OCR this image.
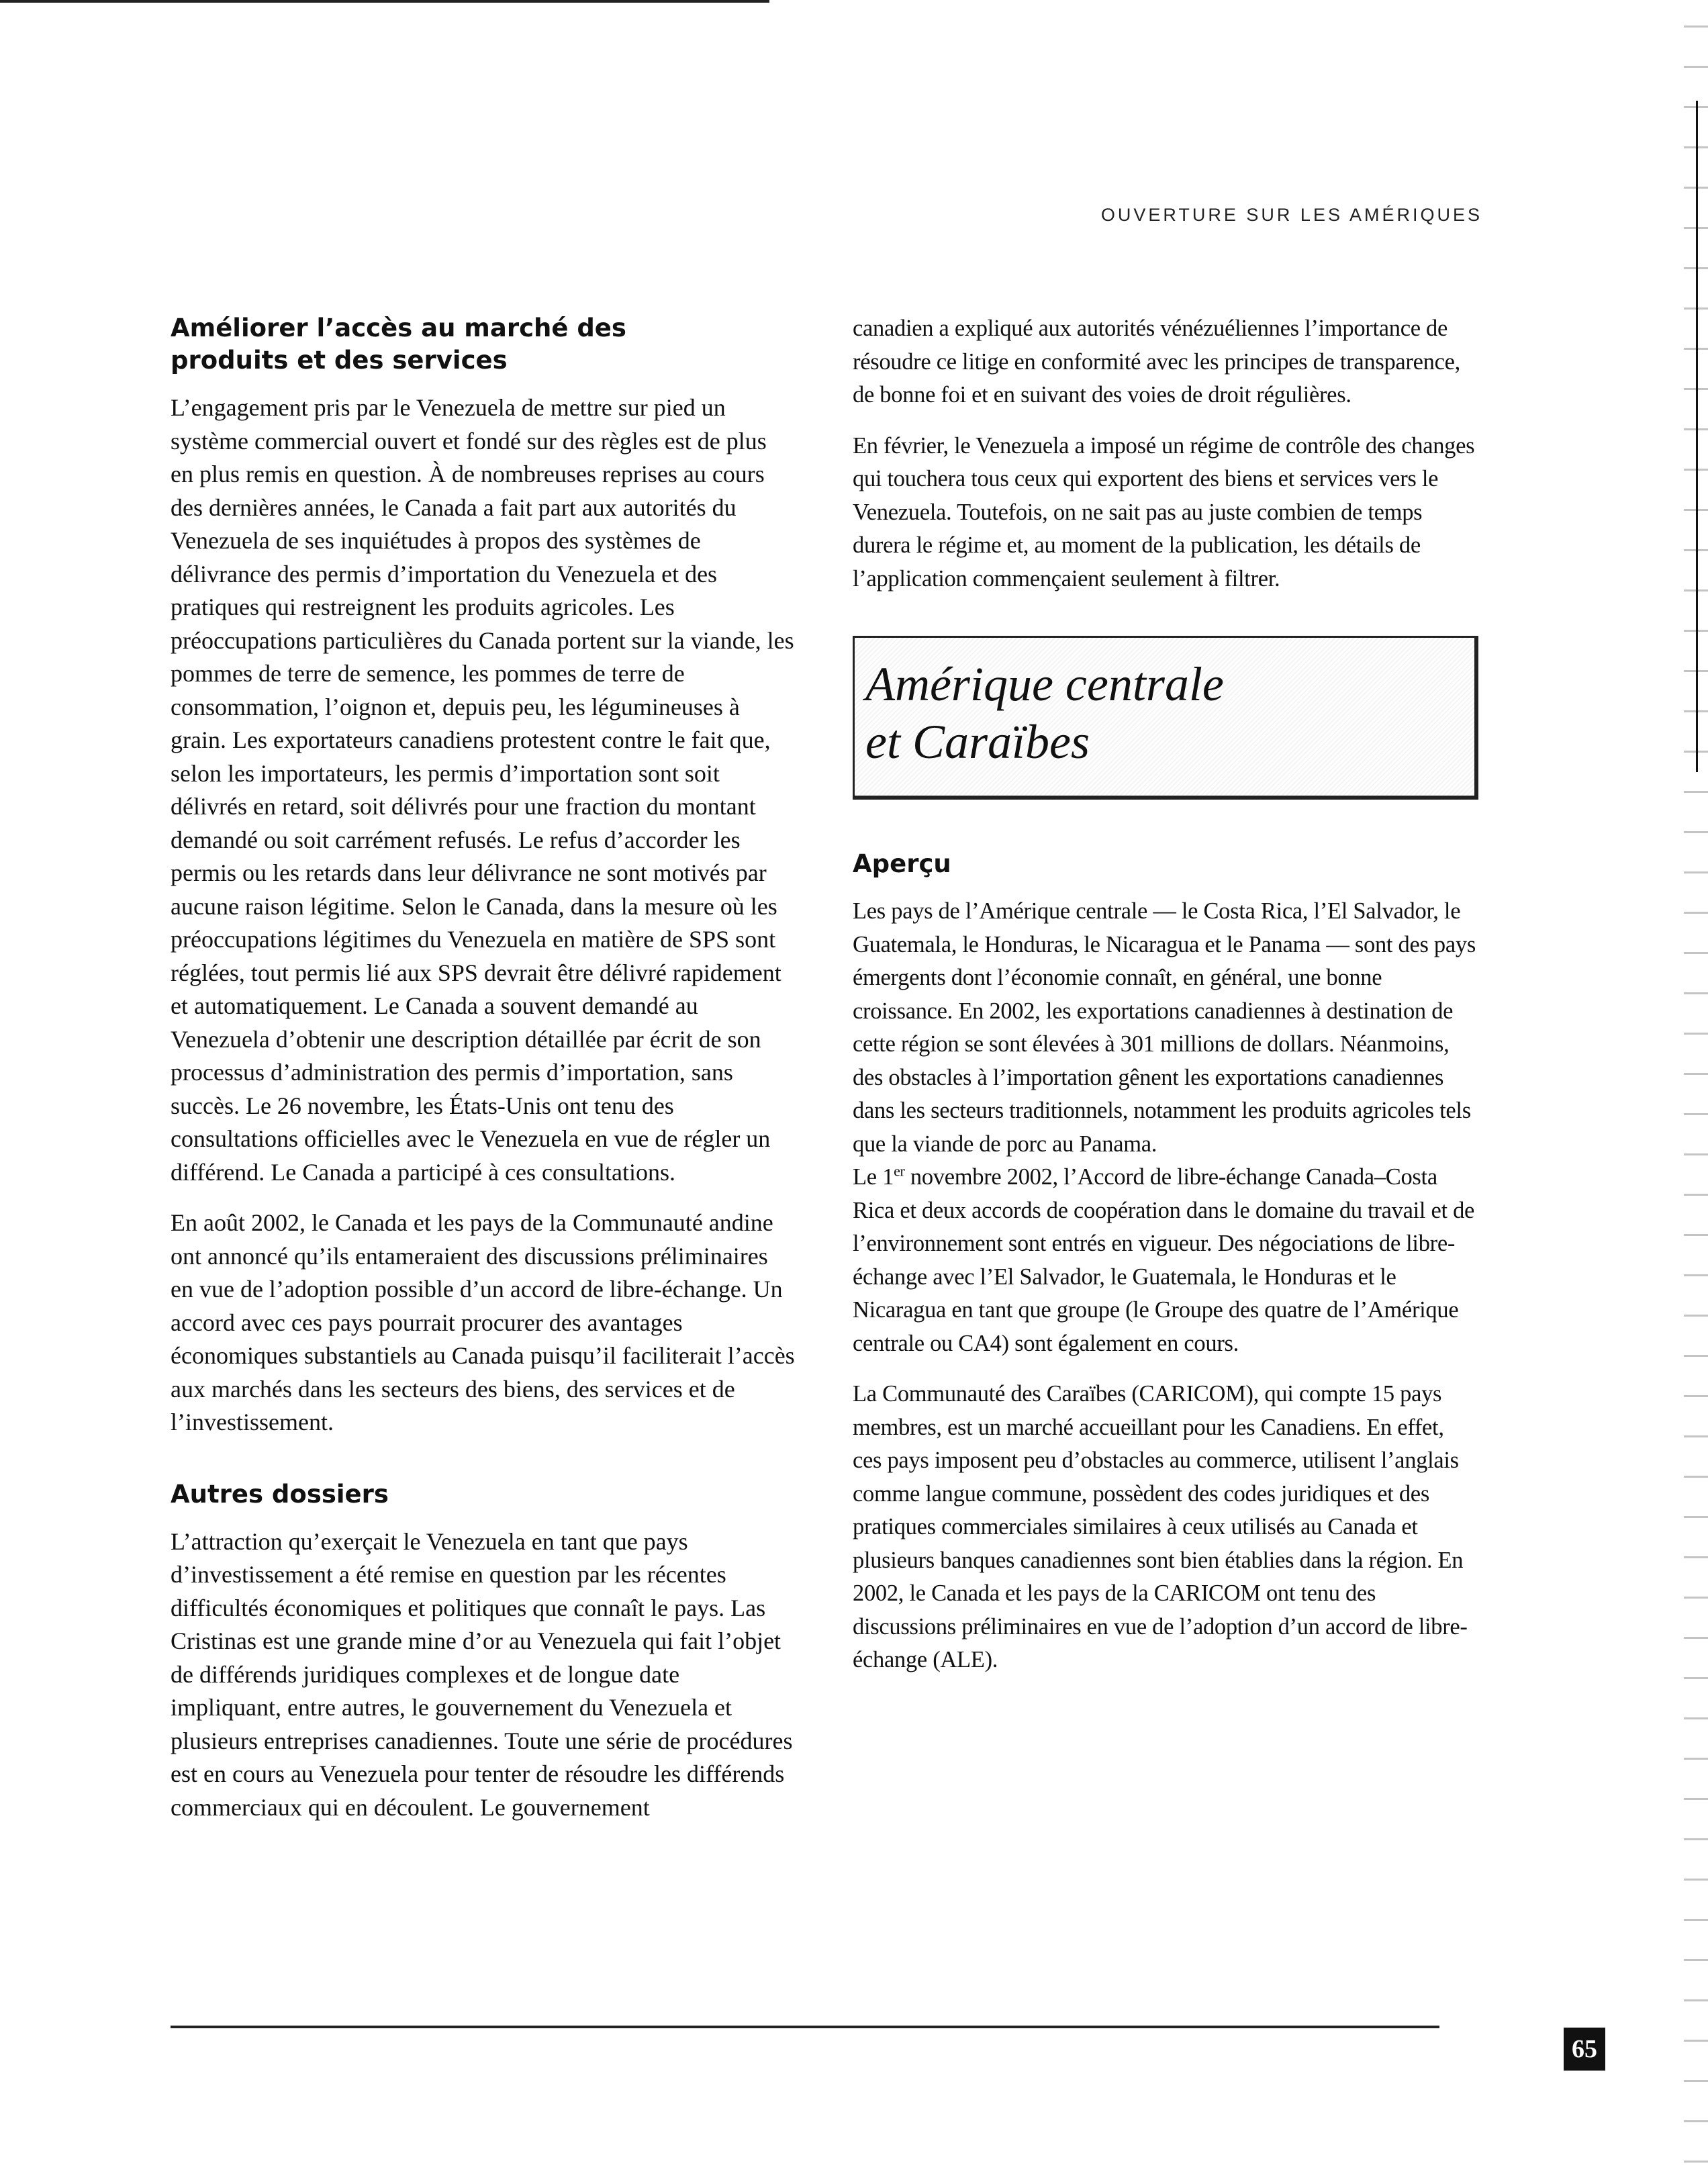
OUVERTURE SUR LES AMÉRIQUES
Améliorer l’accès au marché des
produits et des services

L’engagement pris par le Venezuela de mettre sur pied un système commercial ouvert et fondé sur des règles est de plus en plus remis en question. À de nombreuses reprises au cours des dernières années, le Canada a fait part aux autorités du Venezuela de ses inquiétudes à propos des systèmes de délivrance des permis d’importation du Venezuela et des pratiques qui restreignent les produits agricoles. Les préoccupations particulières du Canada portent sur la viande, les pommes de terre de semence, les pommes de terre de consommation, l’oignon et, depuis peu, les légumineuses à grain. Les exportateurs canadiens protestent contre le fait que, selon les importateurs, les permis d’importation sont soit délivrés en retard, soit délivrés pour une fraction du montant demandé ou soit carrément refusés. Le refus d’accorder les permis ou les retards dans leur délivrance ne sont motivés par aucune raison légitime. Selon le Canada, dans la mesure où les préoccupations légitimes du Venezuela en matière de SPS sont réglées, tout permis lié aux SPS devrait être délivré rapidement et automatiquement. Le Canada a souvent demandé au Venezuela d’obtenir une description détaillée par écrit de son processus d’administration des permis d’importation, sans succès. Le 26 novembre, les États-Unis ont tenu des consultations officielles avec le Venezuela en vue de régler un différend. Le Canada a participé à ces consultations.

En août 2002, le Canada et les pays de la Communauté andine ont annoncé qu’ils entameraient des discussions préliminaires en vue de l’adoption possible d’un accord de libre-échange. Un accord avec ces pays pourrait procurer des avantages économiques substantiels au Canada puisqu’il faciliterait l’accès aux marchés dans les secteurs des biens, des services et de l’investissement.

Autres dossiers

L’attraction qu’exerçait le Venezuela en tant que pays d’investissement a été remise en question par les récentes difficultés économiques et politiques que connaît le pays. Las Cristinas est une grande mine d’or au Venezuela qui fait l’objet de différends juridiques complexes et de longue date impliquant, entre autres, le gouvernement du Venezuela et plusieurs entreprises canadiennes. Toute une série de procédures est en cours au Venezuela pour tenter de résoudre les différends commerciaux qui en découlent. Le gouvernement

canadien a expliqué aux autorités vénézuéliennes l’importance de résoudre ce litige en conformité avec les principes de transparence, de bonne foi et en suivant des voies de droit régulières.

En février, le Venezuela a imposé un régime de contrôle des changes qui touchera tous ceux qui exportent des biens et services vers le Venezuela. Toutefois, on ne sait pas au juste combien de temps durera le régime et, au moment de la publication, les détails de l’application commençaient seulement à filtrer.

Amérique centrale
et Caraïbes
Aperçu

Les pays de l’Amérique centrale — le Costa Rica, l’El Salvador, le Guatemala, le Honduras, le Nicaragua et le Panama — sont des pays émergents dont l’économie connaît, en général, une bonne croissance. En 2002, les exportations canadiennes à destination de cette région se sont élevées à 301 millions de dollars. Néanmoins, des obstacles à l’importation gênent les exportations canadiennes dans les secteurs traditionnels, notamment les produits agricoles tels que la viande de porc au Panama.
Le 1er novembre 2002, l’Accord de libre-échange Canada–Costa Rica et deux accords de coopération dans le domaine du travail et de l’environnement sont entrés en vigueur. Des négociations de libre-échange avec l’El Salvador, le Guatemala, le Honduras et le Nicaragua en tant que groupe (le Groupe des quatre de l’Amérique centrale ou CA4) sont également en cours.

La Communauté des Caraïbes (CARICOM), qui compte 15 pays membres, est un marché accueillant pour les Canadiens. En effet, ces pays imposent peu d’obstacles au commerce, utilisent l’anglais comme langue commune, possèdent des codes juridiques et des pratiques commerciales similaires à ceux utilisés au Canada et plusieurs banques canadiennes sont bien établies dans la région. En 2002, le Canada et les pays de la CARICOM ont tenu des discussions préliminaires en vue de l’adoption d’un accord de libre-échange (ALE).

65
